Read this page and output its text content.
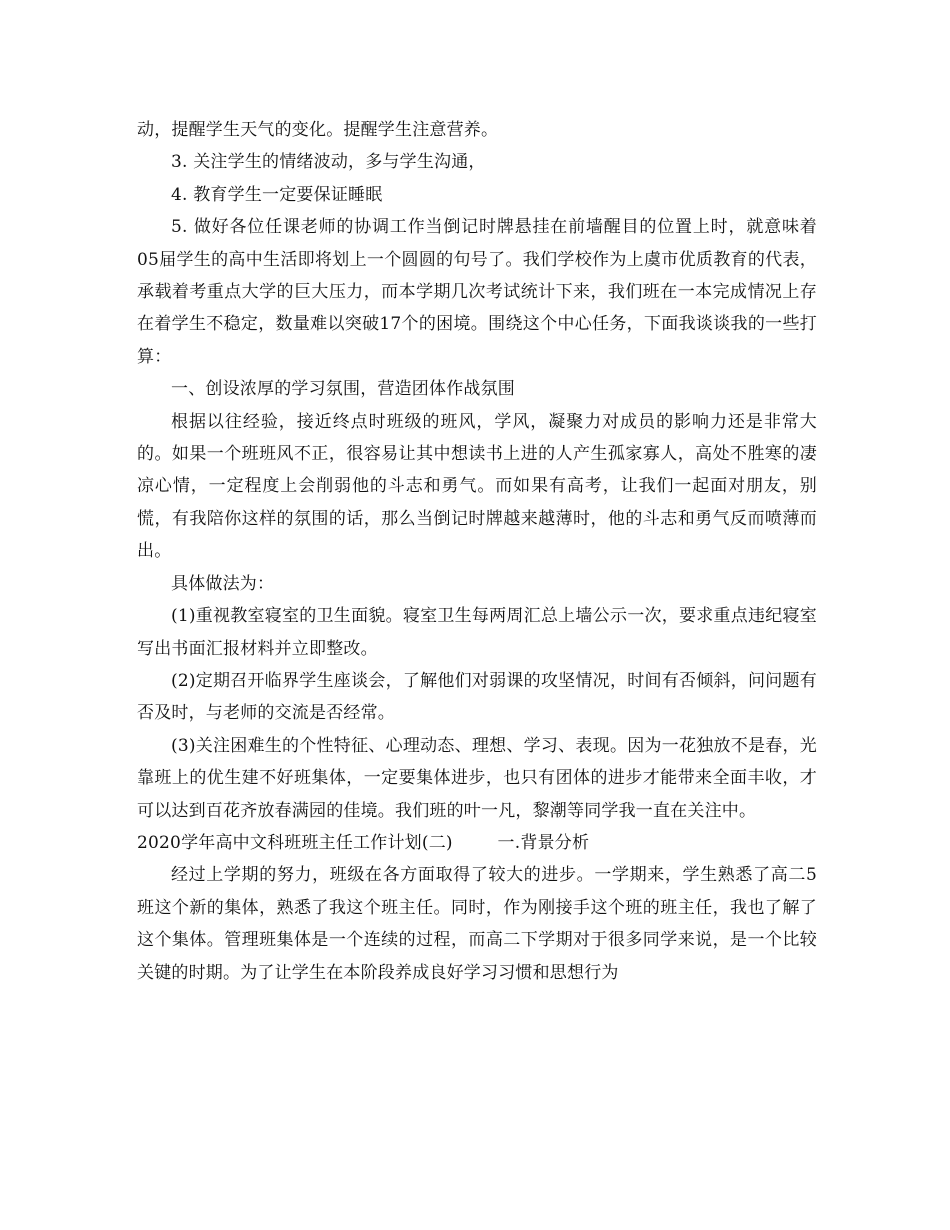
动，提醒学生天气的变化。提醒学生注意营养。

3. 关注学生的情绪波动，多与学生沟通，

4. 教育学生一定要保证睡眠

5. 做好各位任课老师的协调工作当倒记时牌悬挂在前墙醒目的位置上时，就意味着05届学生的高中生活即将划上一个圆圆的句号了。我们学校作为上虞市优质教育的代表，承载着考重点大学的巨大压力，而本学期几次考试统计下来，我们班在一本完成情况上存在着学生不稳定，数量难以突破17个的困境。围绕这个中心任务，下面我谈谈我的一些打算：

一、创设浓厚的学习氛围，营造团体作战氛围

根据以往经验，接近终点时班级的班风，学风，凝聚力对成员的影响力还是非常大的。如果一个班班风不正，很容易让其中想读书上进的人产生孤家寡人，高处不胜寒的凄凉心情，一定程度上会削弱他的斗志和勇气。而如果有高考，让我们一起面对朋友，别慌，有我陪你这样的氛围的话，那么当倒记时牌越来越薄时，他的斗志和勇气反而喷薄而出。

具体做法为：

(1)重视教室寝室的卫生面貌。寝室卫生每两周汇总上墙公示一次，要求重点违纪寝室写出书面汇报材料并立即整改。

(2)定期召开临界学生座谈会，了解他们对弱课的攻坚情况，时间有否倾斜，问问题有否及时，与老师的交流是否经常。

(3)关注困难生的个性特征、心理动态、理想、学习、表现。因为一花独放不是春，光靠班上的优生建不好班集体，一定要集体进步，也只有团体的进步才能带来全面丰收，才可以达到百花齐放春满园的佳境。我们班的叶一凡，黎潮等同学我一直在关注中。

2020学年高中文科班班主任工作计划(二)        一.背景分析

经过上学期的努力，班级在各方面取得了较大的进步。一学期来，学生熟悉了高二5班这个新的集体，熟悉了我这个班主任。同时，作为刚接手这个班的班主任，我也了解了这个集体。管理班集体是一个连续的过程，而高二下学期对于很多同学来说，是一个比较关键的时期。为了让学生在本阶段养成良好学习习惯和思想行为
